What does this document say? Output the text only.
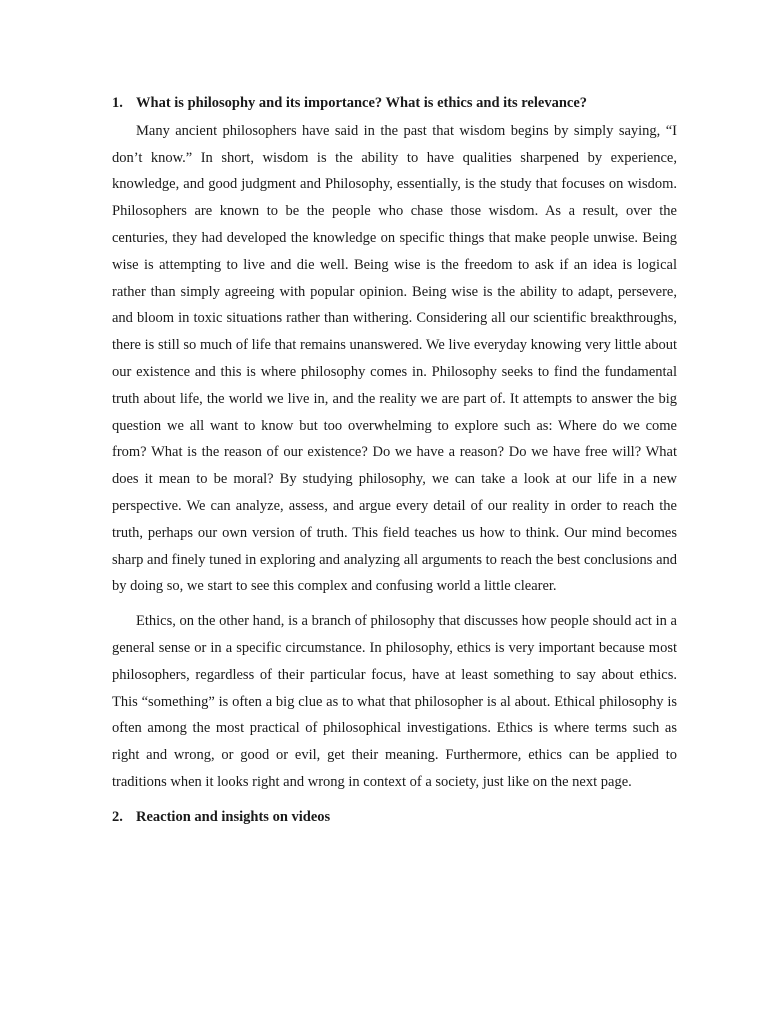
1. What is philosophy and its importance? What is ethics and its relevance?

Many ancient philosophers have said in the past that wisdom begins by simply saying, “I don’t know.” In short, wisdom is the ability to have qualities sharpened by experience, knowledge, and good judgment and Philosophy, essentially, is the study that focuses on wisdom. Philosophers are known to be the people who chase those wisdom. As a result, over the centuries, they had developed the knowledge on specific things that make people unwise. Being wise is attempting to live and die well. Being wise is the freedom to ask if an idea is logical rather than simply agreeing with popular opinion. Being wise is the ability to adapt, persevere, and bloom in toxic situations rather than withering. Considering all our scientific breakthroughs, there is still so much of life that remains unanswered. We live everyday knowing very little about our existence and this is where philosophy comes in. Philosophy seeks to find the fundamental truth about life, the world we live in, and the reality we are part of. It attempts to answer the big question we all want to know but too overwhelming to explore such as: Where do we come from? What is the reason of our existence? Do we have a reason? Do we have free will? What does it mean to be moral? By studying philosophy, we can take a look at our life in a new perspective. We can analyze, assess, and argue every detail of our reality in order to reach the truth, perhaps our own version of truth. This field teaches us how to think. Our mind becomes sharp and finely tuned in exploring and analyzing all arguments to reach the best conclusions and by doing so, we start to see this complex and confusing world a little clearer.

Ethics, on the other hand, is a branch of philosophy that discusses how people should act in a general sense or in a specific circumstance. In philosophy, ethics is very important because most philosophers, regardless of their particular focus, have at least something to say about ethics. This “something” is often a big clue as to what that philosopher is al about. Ethical philosophy is often among the most practical of philosophical investigations. Ethics is where terms such as right and wrong, or good or evil, get their meaning. Furthermore, ethics can be applied to traditions when it looks right and wrong in context of a society, just like on the next page.

2. Reaction and insights on videos
